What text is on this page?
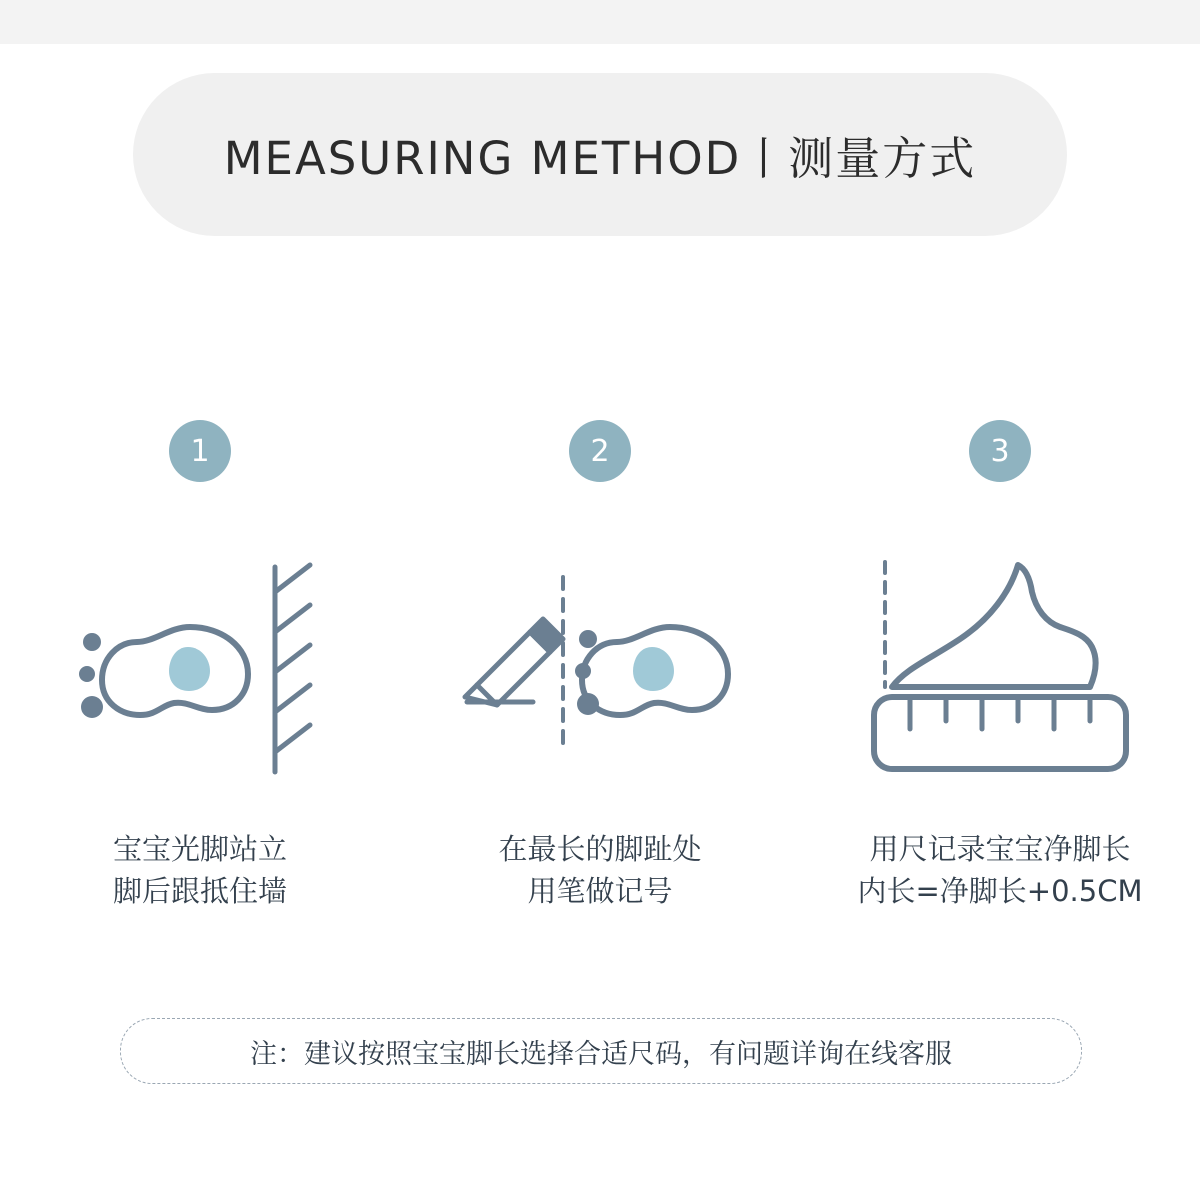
MEASURING METHOD丨测量方式
1
宝宝光脚站立
脚后跟抵住墙
2
在最长的脚趾处
用笔做记号
3
用尺记录宝宝净脚长
内长=净脚长+0.5CM
注：建议按照宝宝脚长选择合适尺码，有问题详询在线客服
